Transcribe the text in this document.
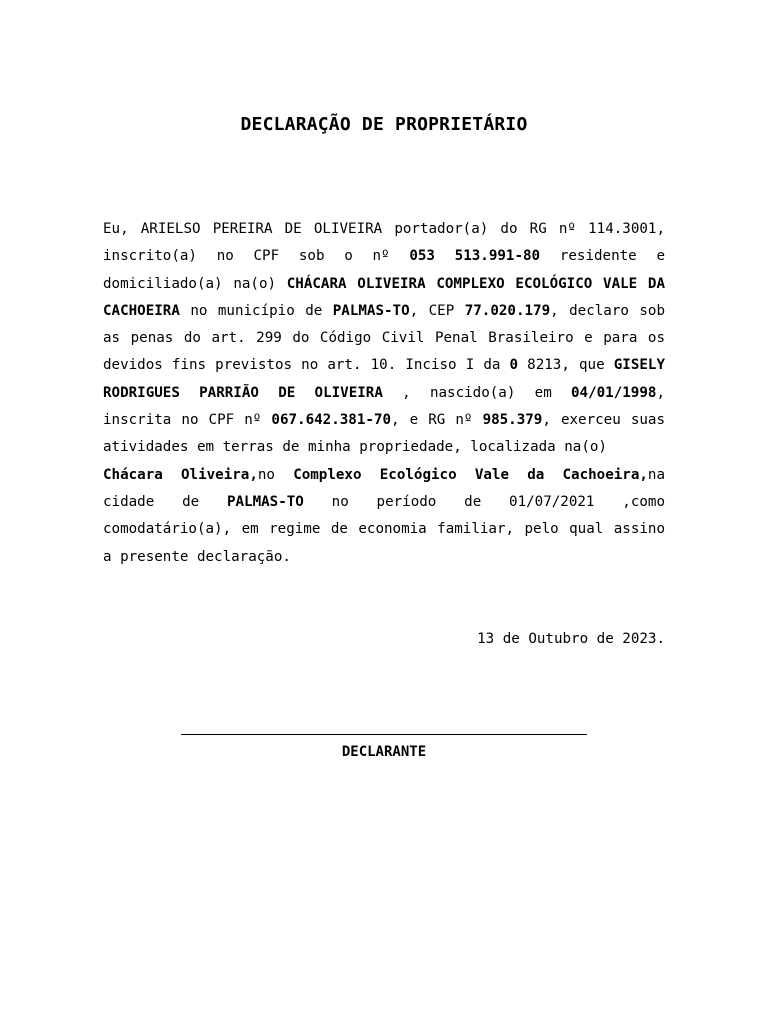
DECLARAÇÃO DE PROPRIETÁRIO

Eu, ARIELSO PEREIRA DE OLIVEIRA portador(a) do RG nº 114.3001, inscrito(a) no CPF sob o nº 053 513.991-80 residente e domiciliado(a) na(o) CHÁCARA OLIVEIRA COMPLEXO ECOLÓGICO VALE DA CACHOEIRA no município de PALMAS-TO, CEP 77.020.179, declaro sob as penas do art. 299 do Código Civil Penal Brasileiro e para os devidos fins previstos no art. 10. Inciso I da 0 8213, que GISELY RODRIGUES PARRIÃO DE OLIVEIRA , nascido(a) em 04/01/1998, inscrita no CPF nº 067.642.381-70, e RG nº 985.379, exerceu suas atividades em terras de minha propriedade, localizada na(o)

Chácara Oliveira,no Complexo Ecológico Vale da Cachoeira,na cidade de PALMAS-TO no período de 01/07/2021 ,como comodatário(a), em regime de economia familiar, pelo qual assino a presente declaração.

13 de Outubro de 2023.
DECLARANTE
